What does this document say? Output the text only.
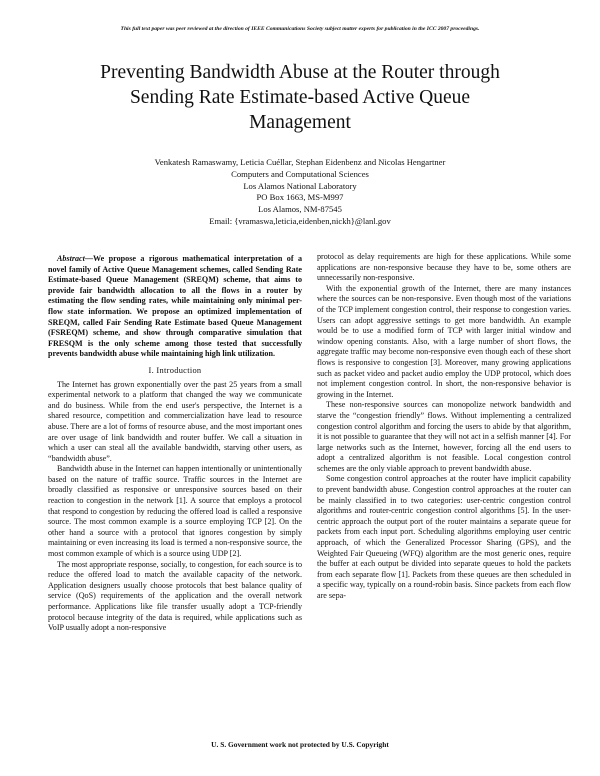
This full text paper was peer reviewed at the direction of IEEE Communications Society subject matter experts for publication in the ICC 2007 proceedings.
Preventing Bandwidth Abuse at the Router through
Sending Rate Estimate-based Active Queue
Management
Venkatesh Ramaswamy, Leticia Cuéllar, Stephan Eidenbenz and Nicolas Hengartner
Computers and Computational Sciences
Los Alamos National Laboratory
PO Box 1663, MS-M997
Los Alamos, NM-87545
Email: {vramaswa,leticia,eidenben,nickh}@lanl.gov

Abstract—We propose a rigorous mathematical interpretation of a novel family of Active Queue Management schemes, called Sending Rate Estimate-based Queue Management (SREQM) scheme, that aims to provide fair bandwidth allocation to all the flows in a router by estimating the flow sending rates, while maintaining only minimal per-flow state information. We propose an optimized implementation of SREQM, called Fair Sending Rate Estimate based Queue Management (FSREQM) scheme, and show through comparative simulation that FRESQM is the only scheme among those tested that successfully prevents bandwidth abuse while maintaining high link utilization.

I. Introduction

The Internet has grown exponentially over the past 25 years from a small experimental network to a platform that changed the way we communicate and do business. While from the end user's perspective, the Internet is a shared resource, competition and commercialization have lead to resource abuse. There are a lot of forms of resource abuse, and the most important ones are over usage of link bandwidth and router buffer. We call a situation in which a user can steal all the available bandwidth, starving other users, as “bandwidth abuse”.

Bandwidth abuse in the Internet can happen intentionally or unintentionally based on the nature of traffic source. Traffic sources in the Internet are broadly classified as responsive or unresponsive sources based on their reaction to congestion in the network [1]. A source that employs a protocol that respond to congestion by reducing the offered load is called a responsive source. The most common example is a source employing TCP [2]. On the other hand a source with a protocol that ignores congestion by simply maintaining or even increasing its load is termed a non-responsive source, the most common example of which is a source using UDP [2].

The most appropriate response, socially, to congestion, for each source is to reduce the offered load to match the available capacity of the network. Application designers usually choose protocols that best balance quality of service (QoS) requirements of the application and the overall network performance. Applications like file transfer usually adopt a TCP-friendly protocol because integrity of the data is required, while applications such as VoIP usually adopt a non-responsive

protocol as delay requirements are high for these applications. While some applications are non-responsive because they have to be, some others are unnecessarily non-responsive.

With the exponential growth of the Internet, there are many instances where the sources can be non-responsive. Even though most of the variations of the TCP implement congestion control, their response to congestion varies. Users can adopt aggressive settings to get more bandwidth. An example would be to use a modified form of TCP with larger initial window and window opening constants. Also, with a large number of short flows, the aggregate traffic may become non-responsive even though each of these short flows is responsive to congestion [3]. Moreover, many growing applications such as packet video and packet audio employ the UDP protocol, which does not implement congestion control. In short, the non-responsive behavior is growing in the Internet.

These non-responsive sources can monopolize network bandwidth and starve the “congestion friendly” flows. Without implementing a centralized congestion control algorithm and forcing the users to abide by that algorithm, it is not possible to guarantee that they will not act in a selfish manner [4]. For large networks such as the Internet, however, forcing all the end users to adopt a centralized algorithm is not feasible. Local congestion control schemes are the only viable approach to prevent bandwidth abuse.

Some congestion control approaches at the router have implicit capability to prevent bandwidth abuse. Congestion control approaches at the router can be mainly classified in to two categories: user-centric congestion control algorithms and router-centric congestion control algorithms [5]. In the user-centric approach the output port of the router maintains a separate queue for packets from each input port. Scheduling algorithms employing user centric approach, of which the Generalized Processor Sharing (GPS), and the Weighted Fair Queueing (WFQ) algorithm are the most generic ones, require the buffer at each output be divided into separate queues to hold the packets from each separate flow [1]. Packets from these queues are then scheduled in a specific way, typically on a round-robin basis. Since packets from each flow are sepa-

U. S. Government work not protected by U.S. Copyright
